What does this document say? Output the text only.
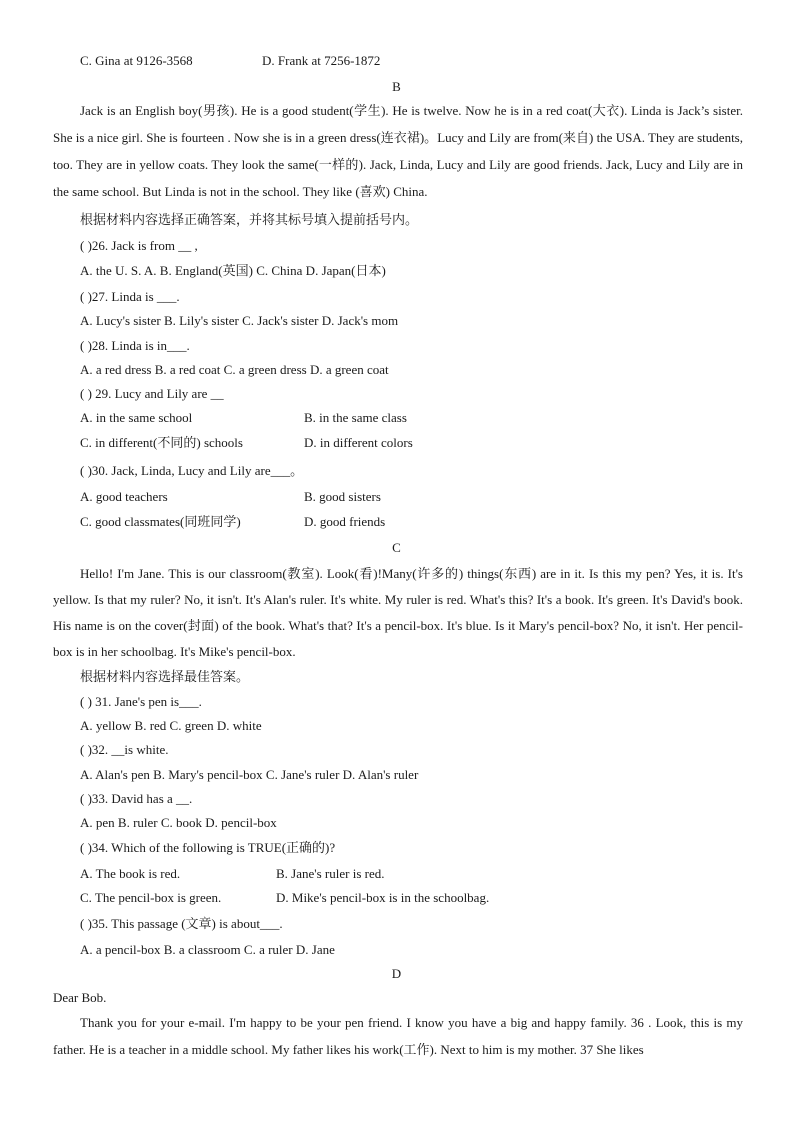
C. Gina at 9126-3568	D. Frank at 7256-1872
B
Jack is an English boy(男孩). He is a good student(学生). He is twelve. Now he is in a red coat(大衣). Linda is Jack’s sister. She is a nice girl. She is fourteen . Now she is in a green dress(连衣裙)。Lucy and Lily are from(来自) the USA. They are students, too. They are in yellow coats. They look the same(一样的). Jack, Linda, Lucy and Lily are good friends. Jack, Lucy and Lily are in the same school. But Linda is not in the school. They like (喜欢) China.
根据材料内容选择正确答案，并将其标号填入提前括号内。
( )26. Jack is from __ ,
A. the U. S. A. B. England(英国) C. China D. Japan(日本)
( )27. Linda is ___.
A. Lucy's sister B. Lily's sister C. Jack's sister D. Jack's mom
( )28. Linda is in___.
A. a red dress B. a red coat C. a green dress D. a green coat
( ) 29. Lucy and Lily are __
A. in the same school	B. in the same class
C. in different(不同的) schools	D. in different colors
( )30. Jack, Linda, Lucy and Lily are___。
A. good teachers	B. good sisters
C. good classmates(同班同学)	D. good friends
C
Hello! I'm Jane. This is our classroom(教室). Look(看)!Many(许多的) things(东西) are in it. Is this my pen? Yes, it is. It's yellow. Is that my ruler? No, it isn't. It's Alan's ruler. It's white. My ruler is red. What's this? It's a book. It's green. It's David's book. His name is on the cover(封面) of the book. What's that? It's a pencil-box. It's blue. Is it Mary's pencil-box? No, it isn't. Her pencil-box is in her schoolbag. It's Mike's pencil-box.
根据材料内容选择最佳答案。
( ) 31. Jane's pen is___.
A. yellow B. red C. green D. white
( )32. __is white.
A. Alan's pen B. Mary's pencil-box C. Jane's ruler D. Alan's ruler
( )33. David has a __.
A. pen B. ruler C. book D. pencil-box
( )34. Which of the following is TRUE(正确的)?
A. The book is red.	B. Jane's ruler is red.
C. The pencil-box is green.	D. Mike's pencil-box is in the schoolbag.
( )35. This passage (文章) is about___.
A. a pencil-box B. a classroom C. a ruler D. Jane
D
Dear Bob.
Thank you for your e-mail. I'm happy to be your pen friend. I know you have a big and happy family. 36 . Look, this is my father. He is a teacher in a middle school. My father likes his work(工作). Next to him is my mother. 37 She likes
